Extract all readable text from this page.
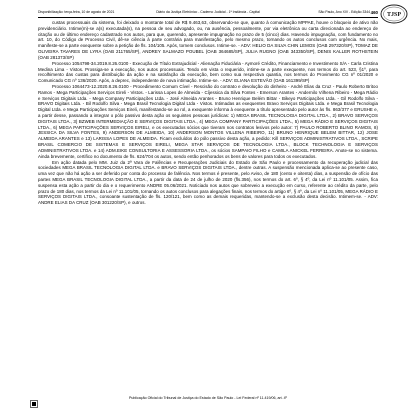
Disponibilização: terça-feira, 10 de agosto de 2021	Diário da Justiça Eletrônico - Caderno Judicial - 1ª Instância - Capital	São Paulo, Ano XIV - Edição 3344 460 TJSP

custas processuais da sistema, foi deixado o montante total de R$ 9.463,63, observando-se que, quanto à comunicação MPPAE, houve o bloqueio de ativo não previdenciário. Intime(m)-se a(s) executada(s), na pessoa de seu advogado, ou, na ausência, pessoalmente, por via eletrônica ou carta direcionada ao endereço de citação ou de último endereço cadastrado nos autos, para que, querendo, apresente impugnação no prazo de 5 (cinco) dias. Havendo impugnação, com fundamento no art. 10, do Código de Processo Civil, dê-se ciência à parte contrária para manifestação, pelo mesmo prazo, tornando os autos conclusos com urgência. No mais, manifeste-se a parte exequente sobre a petição de fls. 104/105. Após, tornem conclusos. Intime-se. - ADV: HELIO DA SILVA CHIN LEMOS (OAB 297320/SP), TOMAZ DE OLIVEIRA TAVARES DE LYRA (OAB 211765/SP), ANDREY SALMAZO POUBEL (OAB 364685/SP), JULIA RUGNO (OAB 343350/SP), DENIS KALLER ROTHSTEIN (OAB 281373/SP)

Processo 1054798-34.2019.8.26.0100 - Execução de Título Extrajudicial - Alienação Fiduciária - Aymoré Crédito, Financiamento e Investimento S/A - Carla Cristina Medina Lima - Vistos. Prossiga-se a execução, nos autos processuais. Tendo em vista o requerido, intime-se a parte exequente, nos termos do art. 523, §1º, para recolhimento das custas para distribuição da ação e na satisfação da execução, bem como sua respectiva quantia, nos termos do Provimento CG nº 01/2020 e Comunicado CG nº 136/2020. Após, a deprec, independente de nova intimação. Intime-se. - ADV: ELIANA ESTEVÃO (OAB 161399/SP)

Processo 1064473-12.2020.8.26.0100 - Procedimento Comum Cível - Rescisão do contrato e devolução do dinheiro - André Elias da Cruz - Paulo Roberto Britoo Ramos - Mega Participações Serviços Eireli - Vistos. - Larissa Lopes de Almeida - Cíjessica da Silva Fontes - Emerson Arantes - Andernilo Vilhena Ribeiro - Mega Rádio e Serviços Digitais Ltda. - Mega Company Participações Ltda. - José Almeida Arantes - Bruno Henrique Belém Bittar - Bikeyo Participações Ltda. - Gil Rodolfo Silva - BRAVO Digitais Ltda. - Bil Rodolfo Silva - Mega Brasil Tecnologia Digital Ltda - Vistos. Intimadas as exequentes Bravo Serviços Digitais Ltda. e Mega Brasil Tecnologia Digital Ltda. e Mega Participações Serviços Eireli, manifestando-se ao rol, a exequente informa à exequente a título apresentado pelo autor às fls. 863/377 e ERUSHE e, a partir desse, passando a integrar o pólo passivo desta ação os seguintes pessoas jurídicas: 1) MEGA BRASIL TECNOLOGIA DIGITAL LTDA., 2) BRAVO SERVIÇOS DIGITAIS LTDA., 3) BZWEB INTERMEDIAÇÃO E SERVIÇOS DIGITAIS LTDA., 4) MEGA COMPANY PARTICIPAÇÕES LTDA., 5) MEGA RÁDIO E SERVIÇOS DIGITAIS LTDA., 6) MEGA PARTICIPAÇÕES SERVIÇOS EIRELI, e os executados sócios que tiveram nos contratos lesivos pelo autor: 7) PAULO ROBERTO BLINO RAMOS, 8) JESSICA DA SILVA FONTES, 9) ANDERSON DE ALMEIDA, 10) ANDERSON MONTOS VILLENA RIBEIRO, 11) BRUNO HENRIQUE BELEM BITTAR, 12) JOSE ALMEIDA ARANTES e 13) LARISSA LOPES DE ALMEIDA. Ficam excluídos do pólo passivo desta ação, a pedido: Kill SERVIÇOS ADMINISTRATIVOS LTDA., SCRIPE BRASIL COMERCIO DE SISTEMAS E SERVIÇOS EIRELI, MEGA STAR SERVIÇOS DE TECNOLOGIA LTDA., BLOCK TECHNOLOGIA E SERVIÇOS ADMINISTRATIVOS LTDA. e 14) ADM.EIKE CONSULTORIA E ASSESSORIA LTDA., os sócios SAMPAIO FILHO e CAMILA ANICKEL FERREIRA. Anote-se no sistema. Ainda brevemente, certifico no documento de fls. 624/704 os autos, sendo então penhorados os bens de valores para todos os executados.

Em ação datada pelo MM. Juiz da 2ª Vara de Falências e Recuperações Judiciais do Estado de São Paulo e processamento da recuperação judicial das sociedades MEGA BRASIL TECNOLOGIA DIGITAL LTDA. e BRAVO SERVIÇOS DIGITAIS LTDA., dentre outras. A suspensão mencionada aplica-se ao presente caso, uma vez que não há ação a ser deferido por conta do processo de falência. Nos termos é presente, pelo Aviso, de 180 (cento e oitenta) dias, a suspensão de ofício das partes MEGA BRASIL TECNOLOGIA DIGITAL LTDA., a partir da data de 24 de julho de 2020 (fls.356), nos termos do art. 6º, § 4º, da Lei nº 11.101/05. Assim, fica suspensa esta ação a partir do dia e o requerimento ANDRE 05.06/2021. Noticiado nos autos que sobreveio a execução em curso, referente ao crédito da parte, pelo prazo de 180 dias, nos termos da Lei nº 11.101/05, tornando os autos conclusos para alegações finais, nos termos do artigo 6º, § 4º, da Lei nº 11.101/05, MEGA RÁDIO E SERVIÇOS DIGITAIS LTDA., consoante sustentação de fls. 120/121, bem como as demais requeridas, mantendo-se a exclusão desta decisão. Intimem-se. - ADV: ANDRE ELIAS DA CRUZ (OAB 301220/SP), e outros.

Publicação Oficial do Tribunal de Justiça do Estado de São Paulo - Lei Federal nº 11.419/06, art. 4º
